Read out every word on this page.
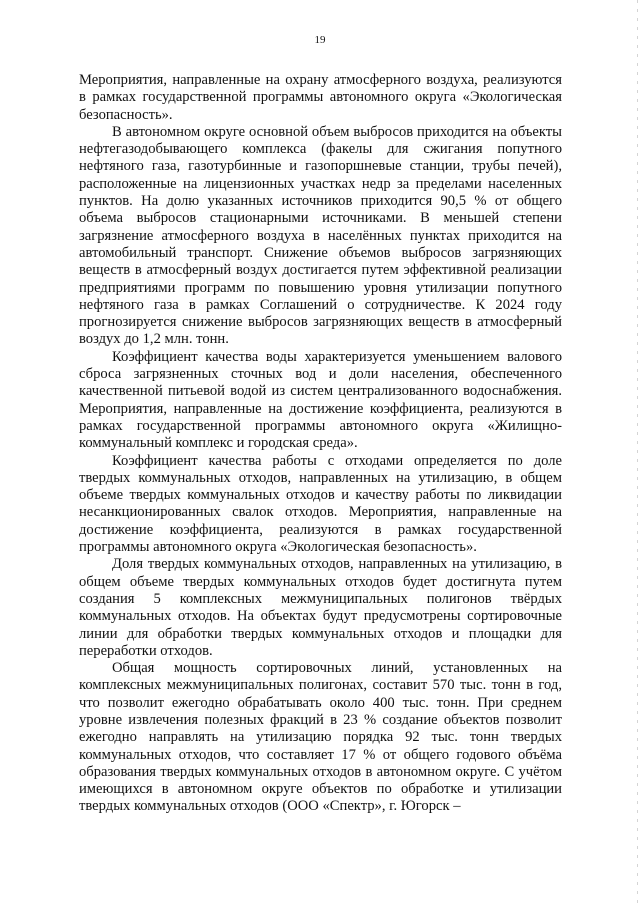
19

Мероприятия, направленные на охрану атмосферного воздуха, реализуются в рамках государственной программы автономного округа «Экологическая безопасность».

В автономном округе основной объем выбросов приходится на объекты нефтегазодобывающего комплекса (факелы для сжигания попутного нефтяного газа, газотурбинные и газопоршневые станции, трубы печей), расположенные на лицензионных участках недр за пределами населенных пунктов. На долю указанных источников приходится 90,5 % от общего объема выбросов стационарными источниками. В меньшей степени загрязнение атмосферного воздуха в населённых пунктах приходится на автомобильный транспорт. Снижение объемов выбросов загрязняющих веществ в атмосферный воздух достигается путем эффективной реализации предприятиями программ по повышению уровня утилизации попутного нефтяного газа в рамках Соглашений о сотрудничестве. К 2024 году прогнозируется снижение выбросов загрязняющих веществ в атмосферный воздух до 1,2 млн. тонн.

Коэффициент качества воды характеризуется уменьшением валового сброса загрязненных сточных вод и доли населения, обеспеченного качественной питьевой водой из систем централизованного водоснабжения. Мероприятия, направленные на достижение коэффициента, реализуются в рамках государственной программы автономного округа «Жилищно-коммунальный комплекс и городская среда».

Коэффициент качества работы с отходами определяется по доле твердых коммунальных отходов, направленных на утилизацию, в общем объеме твердых коммунальных отходов и качеству работы по ликвидации несанкционированных свалок отходов. Мероприятия, направленные на достижение коэффициента, реализуются в рамках государственной программы автономного округа «Экологическая безопасность».

Доля твердых коммунальных отходов, направленных на утилизацию, в общем объеме твердых коммунальных отходов будет достигнута путем создания 5 комплексных межмуниципальных полигонов твёрдых коммунальных отходов. На объектах будут предусмотрены сортировочные линии для обработки твердых коммунальных отходов и площадки для переработки отходов.

Общая мощность сортировочных линий, установленных на комплексных межмуниципальных полигонах, составит 570 тыс. тонн в год, что позволит ежегодно обрабатывать около 400 тыс. тонн. При среднем уровне извлечения полезных фракций в 23 % создание объектов позволит ежегодно направлять на утилизацию порядка 92 тыс. тонн твердых коммунальных отходов, что составляет 17 % от общего годового объёма образования твердых коммунальных отходов в автономном округе. С учётом имеющихся в автономном округе объектов по обработке и утилизации твердых коммунальных отходов (ООО «Спектр», г. Югорск –
